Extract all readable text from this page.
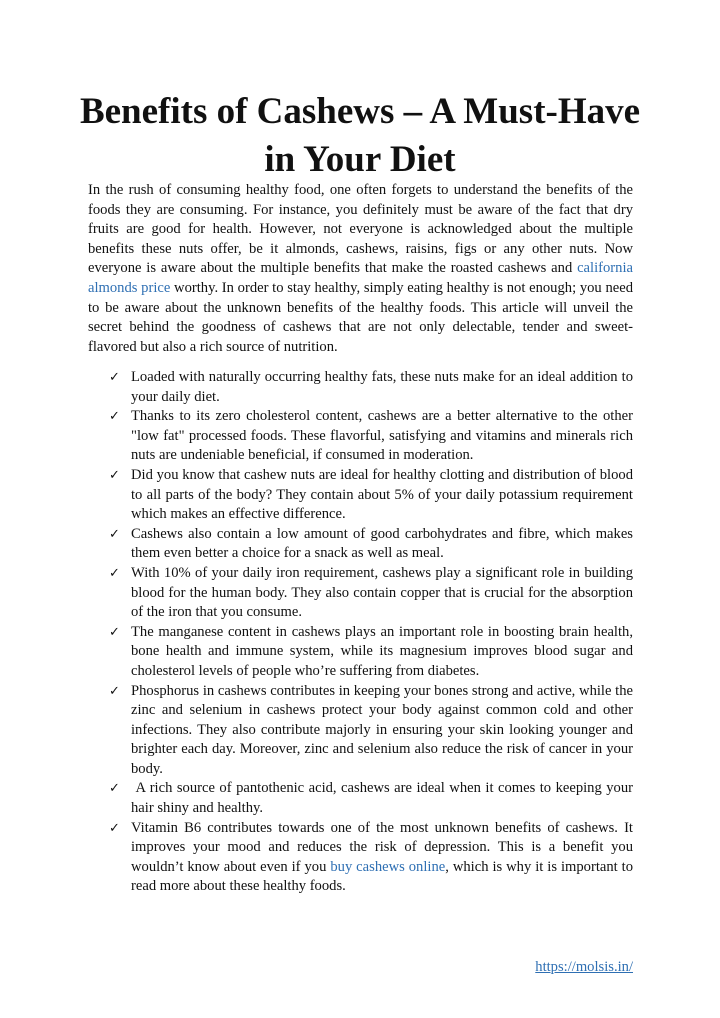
Benefits of Cashews – A Must-Have in Your Diet

In the rush of consuming healthy food, one often forgets to understand the benefits of the foods they are consuming. For instance, you definitely must be aware of the fact that dry fruits are good for health. However, not everyone is acknowledged about the multiple benefits these nuts offer, be it almonds, cashews, raisins, figs or any other nuts. Now everyone is aware about the multiple benefits that make the roasted cashews and california almonds price worthy. In order to stay healthy, simply eating healthy is not enough; you need to be aware about the unknown benefits of the healthy foods. This article will unveil the secret behind the goodness of cashews that are not only delectable, tender and sweet-flavored but also a rich source of nutrition.

✓ Loaded with naturally occurring healthy fats, these nuts make for an ideal addition to your daily diet.
✓ Thanks to its zero cholesterol content, cashews are a better alternative to the other "low fat" processed foods. These flavorful, satisfying and vitamins and minerals rich nuts are undeniable beneficial, if consumed in moderation.
✓ Did you know that cashew nuts are ideal for healthy clotting and distribution of blood to all parts of the body? They contain about 5% of your daily potassium requirement which makes an effective difference.
✓ Cashews also contain a low amount of good carbohydrates and fibre, which makes them even better a choice for a snack as well as meal.
✓ With 10% of your daily iron requirement, cashews play a significant role in building blood for the human body. They also contain copper that is crucial for the absorption of the iron that you consume.
✓ The manganese content in cashews plays an important role in boosting brain health, bone health and immune system, while its magnesium improves blood sugar and cholesterol levels of people who’re suffering from diabetes.
✓ Phosphorus in cashews contributes in keeping your bones strong and active, while the zinc and selenium in cashews protect your body against common cold and other infections. They also contribute majorly in ensuring your skin looking younger and brighter each day. Moreover, zinc and selenium also reduce the risk of cancer in your body.
✓ A rich source of pantothenic acid, cashews are ideal when it comes to keeping your hair shiny and healthy.
✓ Vitamin B6 contributes towards one of the most unknown benefits of cashews. It improves your mood and reduces the risk of depression. This is a benefit you wouldn’t know about even if you buy cashews online, which is why it is important to read more about these healthy foods.
https://molsis.in/
